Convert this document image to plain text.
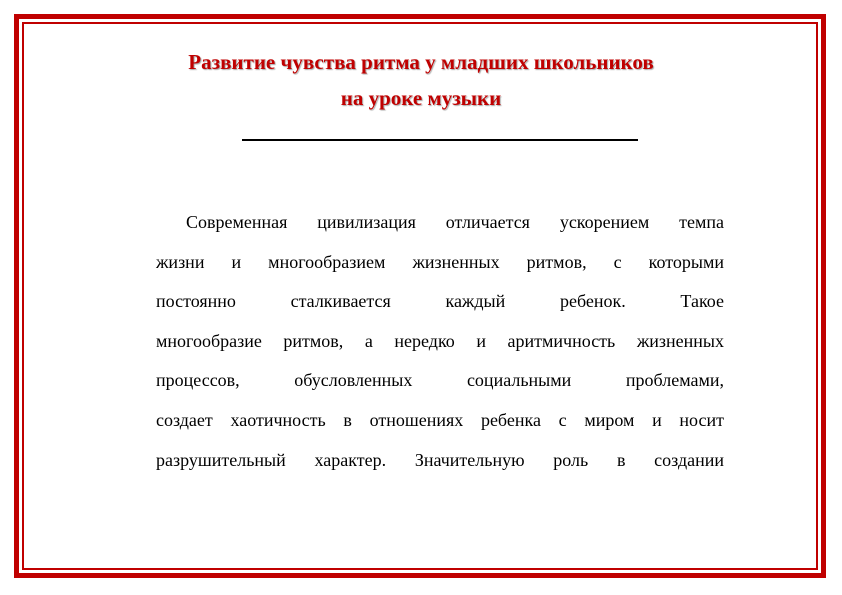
Развитие чувства ритма у младших школьников
на уроке музыки
Современная цивилизация отличается ускорением темпа
жизни и многообразием жизненных ритмов, с которыми
постоянно сталкивается каждый ребенок. Такое
многообразие ритмов, а нередко и аритмичность жизненных
процессов, обусловленных социальными проблемами,
создает хаотичность в отношениях ребенка с миром и носит
разрушительный характер. Значительную роль в создании
